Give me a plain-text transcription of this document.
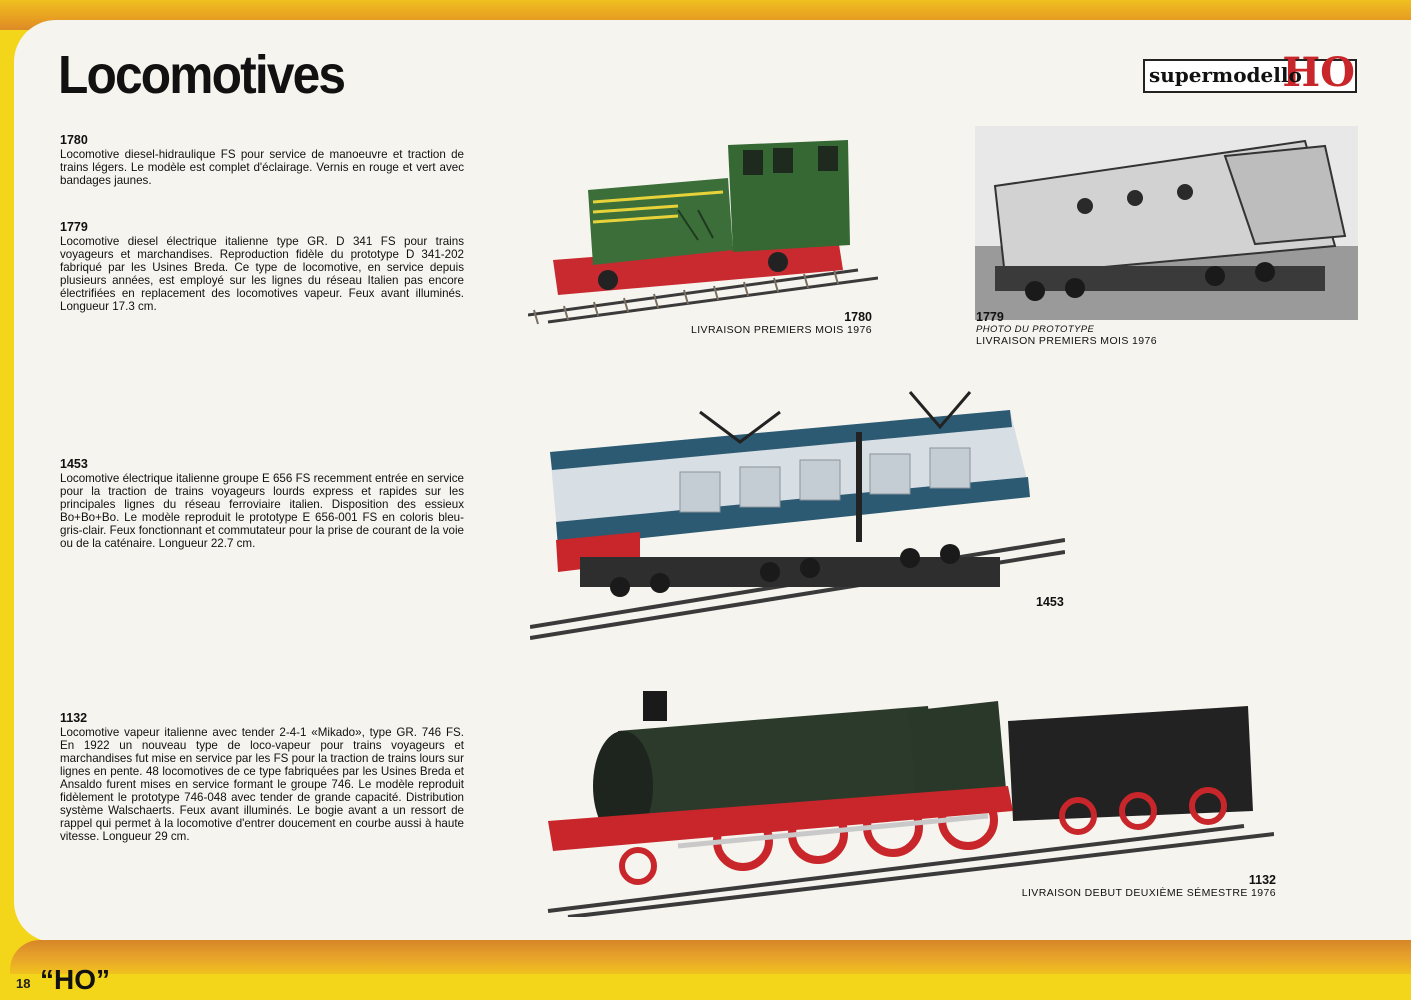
Locomotives	HO
supermodello
1780
Locomotive diesel-hidraulique FS pour service de manoeuvre et traction de trains légers. Le modèle est complet d'éclairage. Vernis en rouge et vert avec bandages jaunes.
1779
Locomotive diesel électrique italienne type GR. D 341 FS pour trains voyageurs et marchandises. Reproduction fidèle du prototype D 341-202 fabriqué par les Usines Breda. Ce type de locomotive, en service depuis plusieurs années, est employé sur les lignes du réseau Italien pas encore électrifiées en replacement des locomotives vapeur. Feux avant illuminés. Longueur 17.3 cm.
1453
Locomotive électrique italienne groupe E 656 FS recemment entrée en service pour la traction de trains voyageurs lourds express et rapides sur les principales lignes du réseau ferroviaire italien. Disposition des essieux Bo+Bo+Bo. Le modèle reproduit le prototype E 656-001 FS en coloris bleu-gris-clair. Feux fonctionnant et commutateur pour la prise de courant de la voie ou de la caténaire. Longueur 22.7 cm.
1132
Locomotive vapeur italienne avec tender 2-4-1 «Mikado», type GR. 746 FS. En 1922 un nouveau type de loco-vapeur pour trains voyageurs et marchandises fut mise en service par les FS pour la traction de trains lours sur lignes en pente. 48 locomotives de ce type fabriquées par les Usines Breda et Ansaldo furent mises en service formant le groupe 746. Le modèle reproduit fidèlement le prototype 746-048 avec tender de grande capacité. Distribution système Walschaerts. Feux avant illuminés. Le bogie avant a un ressort de rappel qui permet à la locomotive d'entrer doucement en courbe aussi à haute vitesse. Longueur 29 cm.
1780
LIVRAISON PREMIERS MOIS 1976
1779
PHOTO DU PROTOTYPE
LIVRAISON PREMIERS MOIS 1976
1453
1132
LIVRAISON DEBUT DEUXIÈME SÉMESTRE 1976
18 “HO”
